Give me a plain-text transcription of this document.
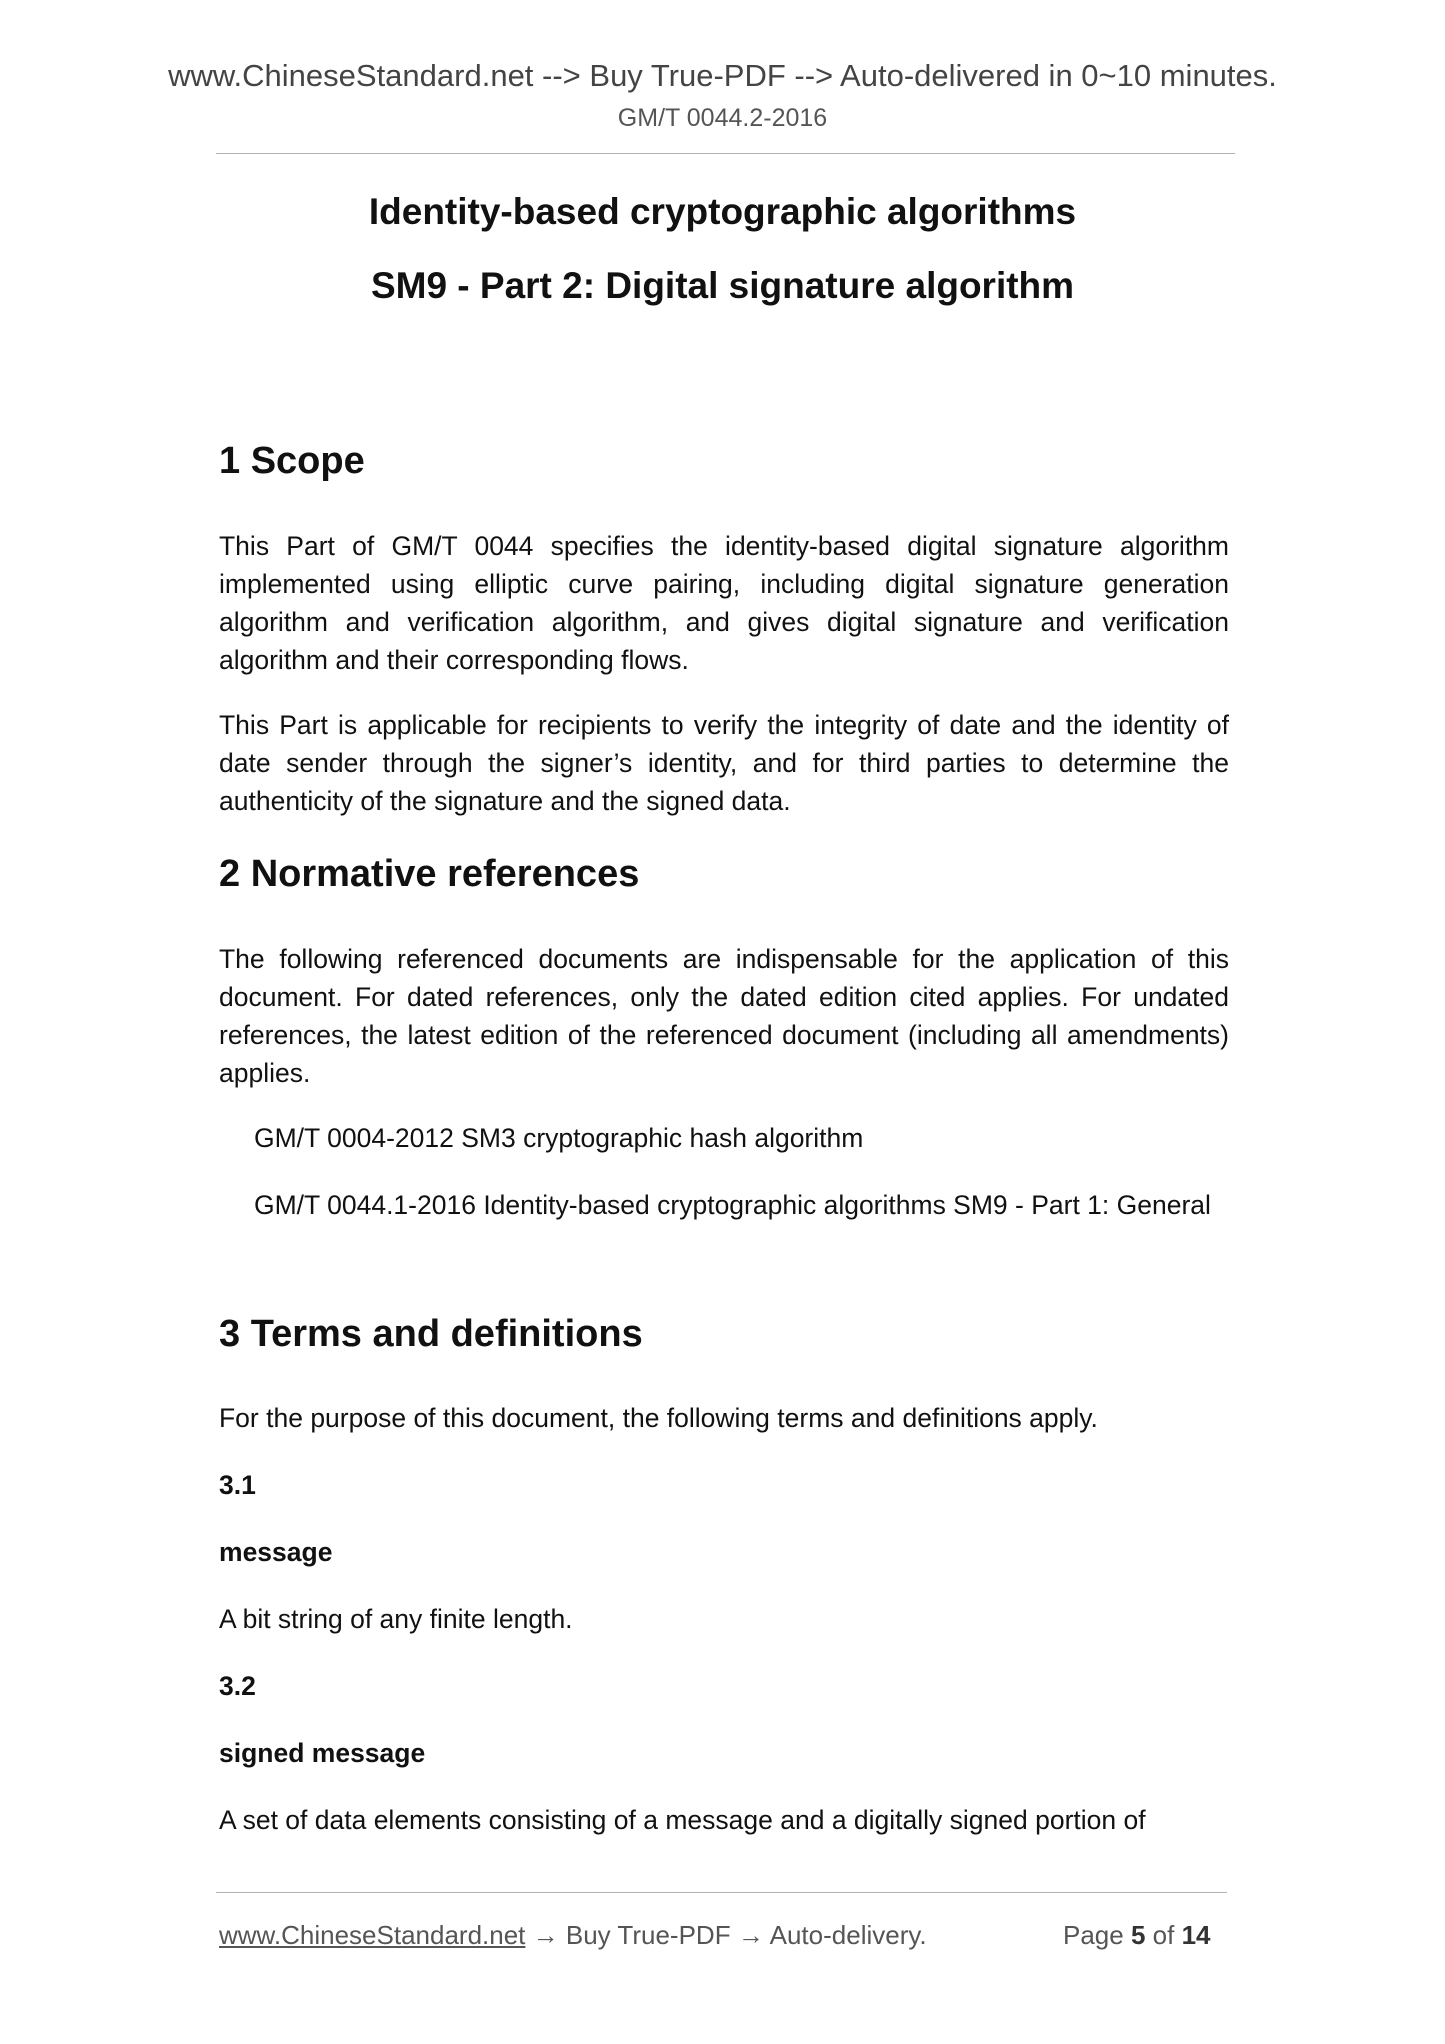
www.ChineseStandard.net --> Buy True-PDF --> Auto-delivered in 0~10 minutes.
GM/T 0044.2-2016
Identity-based cryptographic algorithms
SM9 - Part 2: Digital signature algorithm
1 Scope

This Part of GM/T 0044 specifies the identity-based digital signature algorithm implemented using elliptic curve pairing, including digital signature generation algorithm and verification algorithm, and gives digital signature and verification algorithm and their corresponding flows.

This Part is applicable for recipients to verify the integrity of date and the identity of date sender through the signer’s identity, and for third parties to determine the authenticity of the signature and the signed data.

2 Normative references

The following referenced documents are indispensable for the application of this document. For dated references, only the dated edition cited applies. For undated references, the latest edition of the referenced document (including all amendments) applies.

GM/T 0004-2012 SM3 cryptographic hash algorithm

GM/T 0044.1-2016 Identity-based cryptographic algorithms SM9 - Part 1: General

3 Terms and definitions
For the purpose of this document, the following terms and definitions apply.
3.1
message
A bit string of any finite length.
3.2
signed message
A set of data elements consisting of a message and a digitally signed portion of
www.ChineseStandard.net → Buy True-PDF → Auto-delivery.	Page 5 of 14
